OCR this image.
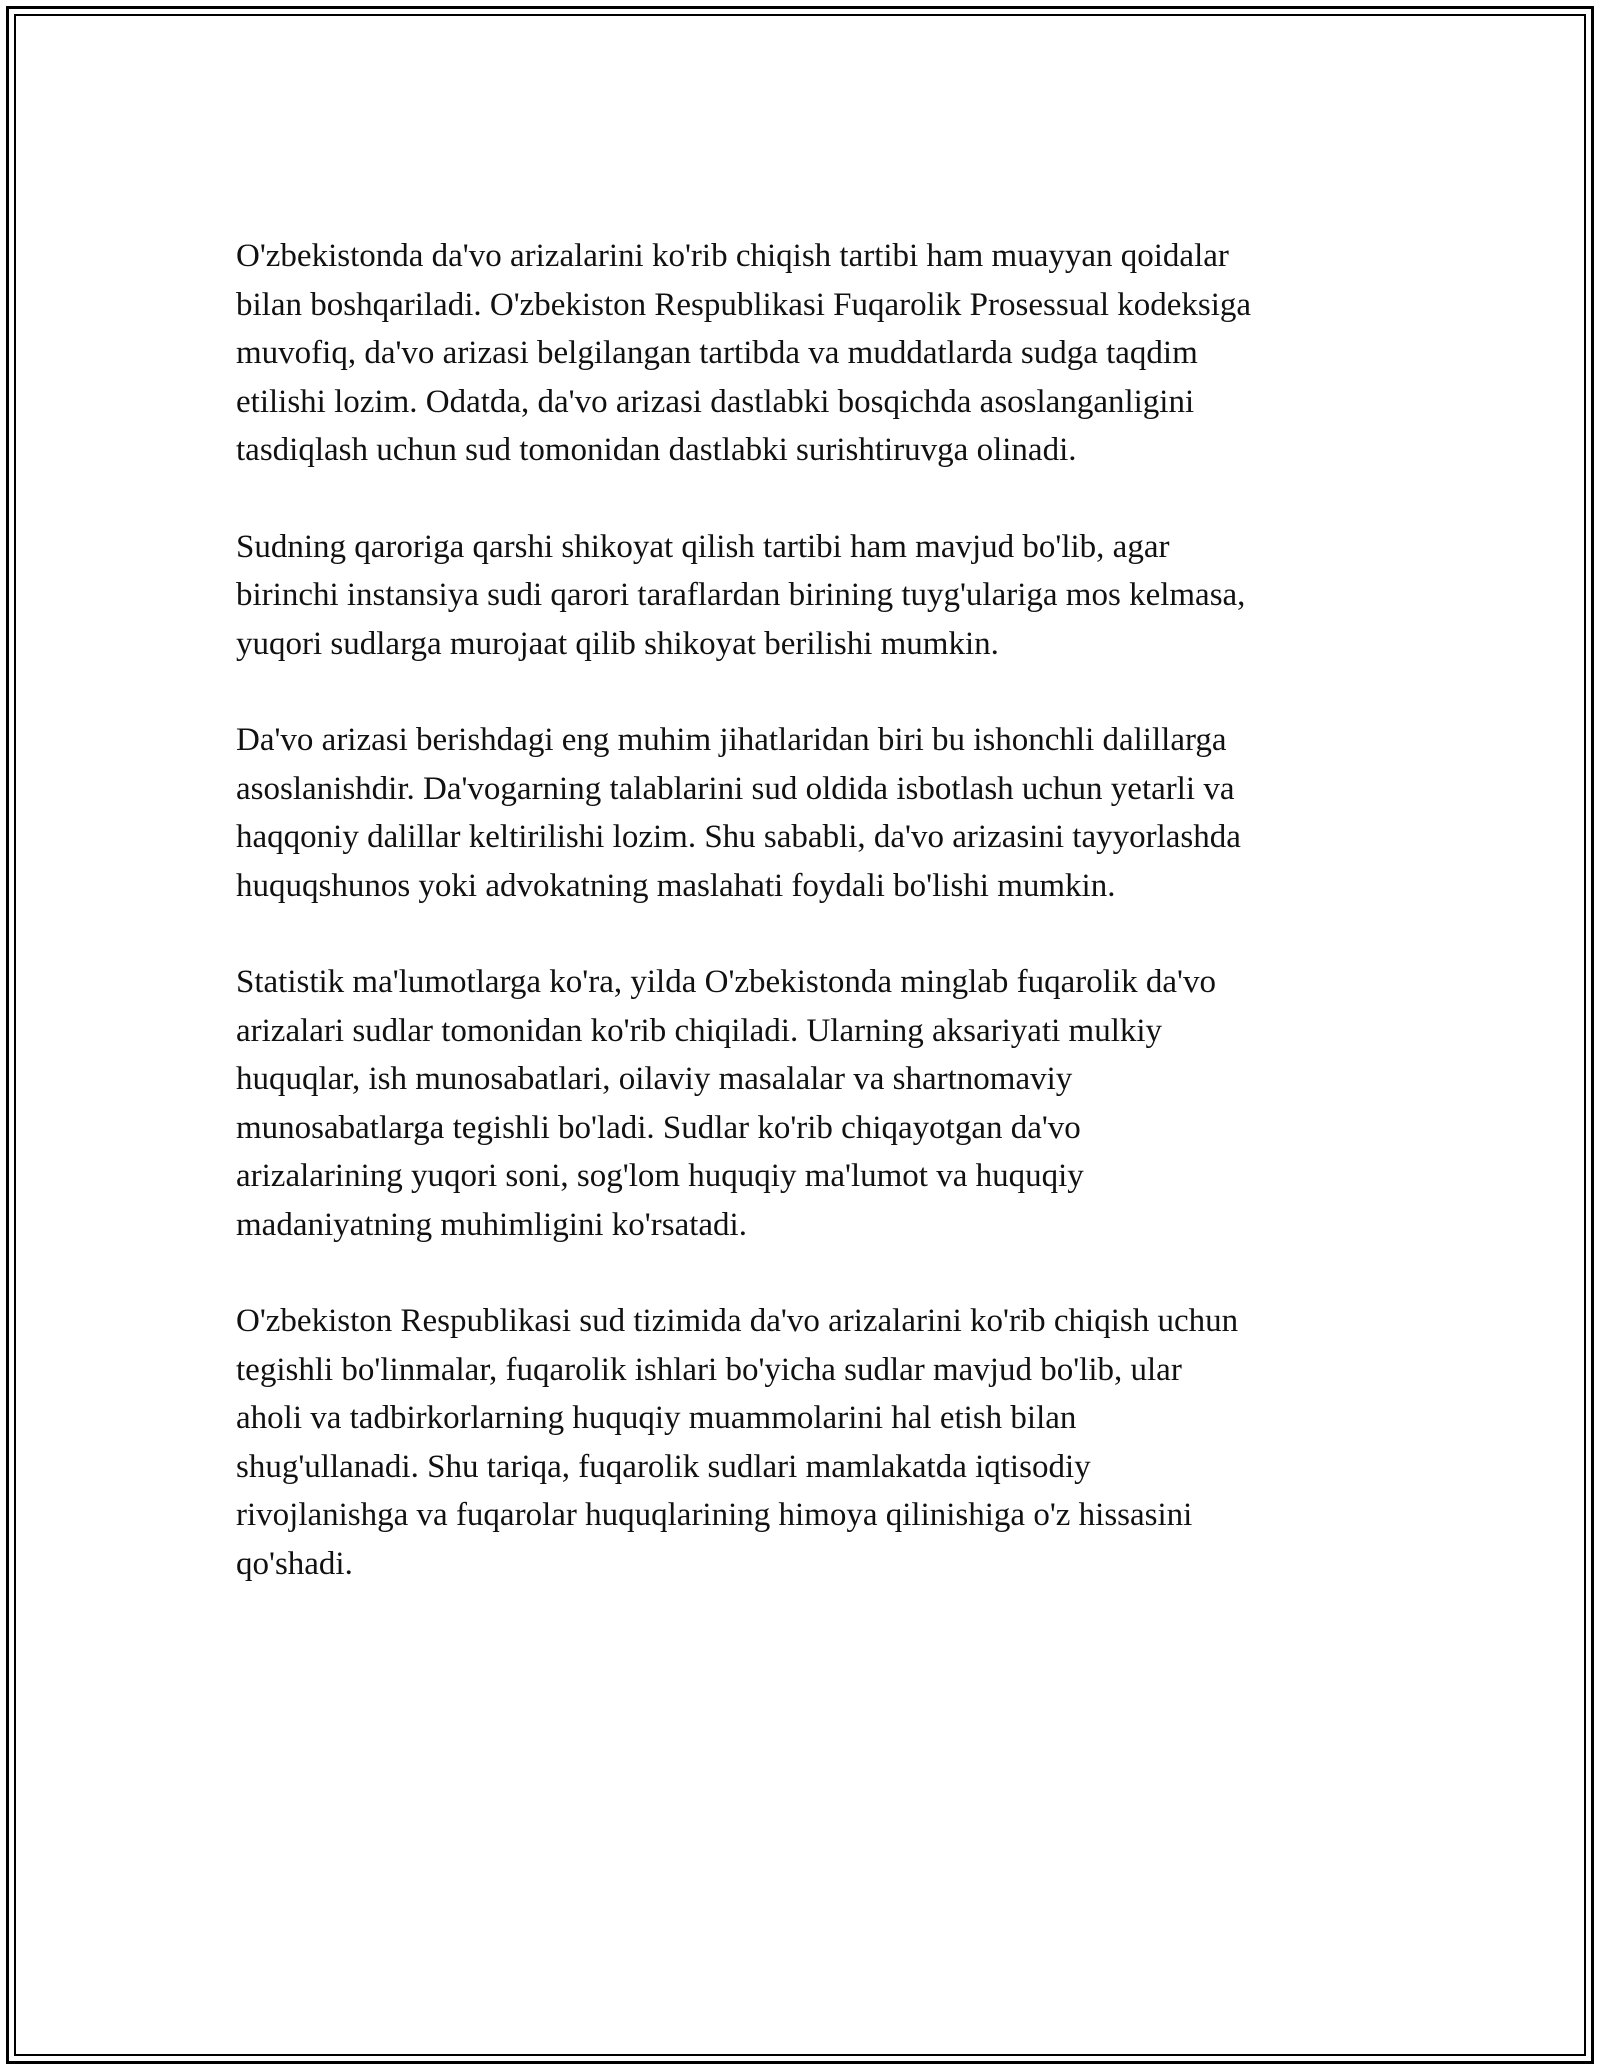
O'zbekistonda da'vo arizalarini ko'rib chiqish tartibi ham muayyan qoidalar
bilan boshqariladi. O'zbekiston Respublikasi Fuqarolik Prosessual kodeksiga
muvofiq, da'vo arizasi belgilangan tartibda va muddatlarda sudga taqdim
etilishi lozim. Odatda, da'vo arizasi dastlabki bosqichda asoslanganligini
tasdiqlash uchun sud tomonidan dastlabki surishtiruvga olinadi.

Sudning qaroriga qarshi shikoyat qilish tartibi ham mavjud bo'lib, agar
birinchi instansiya sudi qarori taraflardan birining tuyg'ulariga mos kelmasa,
yuqori sudlarga murojaat qilib shikoyat berilishi mumkin.

Da'vo arizasi berishdagi eng muhim jihatlaridan biri bu ishonchli dalillarga
asoslanishdir. Da'vogarning talablarini sud oldida isbotlash uchun yetarli va
haqqoniy dalillar keltirilishi lozim. Shu sababli, da'vo arizasini tayyorlashda
huquqshunos yoki advokatning maslahati foydali bo'lishi mumkin.

Statistik ma'lumotlarga ko'ra, yilda O'zbekistonda minglab fuqarolik da'vo
arizalari sudlar tomonidan ko'rib chiqiladi. Ularning aksariyati mulkiy
huquqlar, ish munosabatlari, oilaviy masalalar va shartnomaviy
munosabatlarga tegishli bo'ladi. Sudlar ko'rib chiqayotgan da'vo
arizalarining yuqori soni, sog'lom huquqiy ma'lumot va huquqiy
madaniyatning muhimligini ko'rsatadi.

O'zbekiston Respublikasi sud tizimida da'vo arizalarini ko'rib chiqish uchun
tegishli bo'linmalar, fuqarolik ishlari bo'yicha sudlar mavjud bo'lib, ular
aholi va tadbirkorlarning huquqiy muammolarini hal etish bilan
shug'ullanadi. Shu tariqa, fuqarolik sudlari mamlakatda iqtisodiy
rivojlanishga va fuqarolar huquqlarining himoya qilinishiga o'z hissasini
qo'shadi.
